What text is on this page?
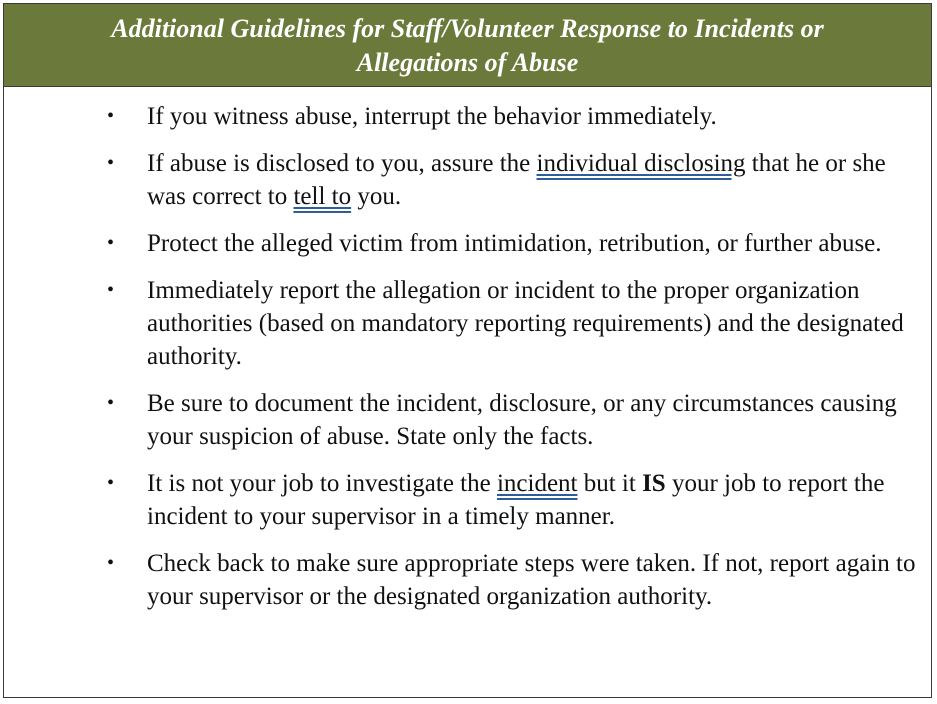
Additional Guidelines for Staff/Volunteer Response to Incidents or
Allegations of Abuse
• If you witness abuse, interrupt the behavior immediately.
• If abuse is disclosed to you, assure the individual disclosing that he or she was correct to tell to you.
• Protect the alleged victim from intimidation, retribution, or further abuse.
• Immediately report the allegation or incident to the proper organization authorities (based on mandatory reporting requirements) and the designated authority.
• Be sure to document the incident, disclosure, or any circumstances causing your suspicion of abuse. State only the facts.
• It is not your job to investigate the incident but it IS your job to report the incident to your supervisor in a timely manner.
• Check back to make sure appropriate steps were taken. If not, report again to your supervisor or the designated organization authority.
